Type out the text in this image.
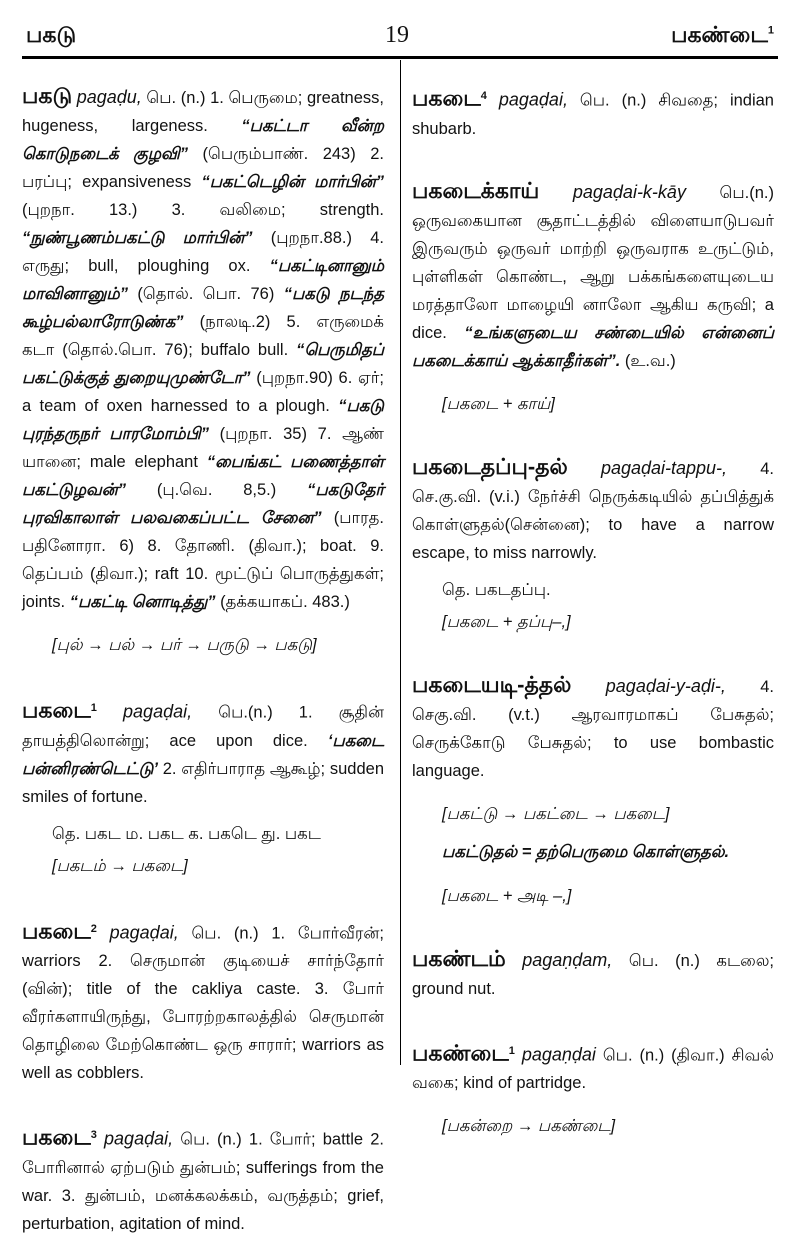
பகடு	19	பகண்டை$^1$
பகடு pagaḍu, பெ. (n.) 1. பெருமை; greatness, hugeness, largeness. “பகட்டா வீன்ற கொடுநடைக் குழவி” (பெரும்பாண். 243) 2. பரப்பு; expansiveness “பகட்டெழின் மார்பின்” (புறநா. 13.) 3. வலிமை; strength. “நுண்பூணம்பகட்டு மார்பின்” (புறநா.88.) 4. எருது; bull, ploughing ox. “பகட்டினானும் மாவினானும்” (தொல். பொ. 76) “பகடு நடந்த கூழ்பல்லாரோடுண்க” (நாலடி.2) 5. எருமைக் கடா (தொல்.பொ. 76); buffalo bull. “பெருமிதப் பகட்டுக்குத் துறையுமுண்டோ” (புறநா.90) 6. ஏர்; a team of oxen harnessed to a plough. “பகடு புரந்தருநர் பாரமோம்பி” (புறநா. 35) 7. ஆண் யானை; male elephant “பைங்கட் பணைத்தாள் பகட்டுழவன்” (பு.வெ. 8,5.) “பகடுதேர் புரவிகாலாள் பலவகைப்பட்ட சேனை” (பாரத. பதினோரா. 6) 8. தோணி. (திவா.); boat. 9. தெப்பம் (திவா.); raft 10. மூட்டுப் பொருத்துகள்; joints. “பகட்டி னொடித்து” (தக்கயாகப். 483.)
[புல் → பல் → பர் → பருடு → பகடு]
பகடை$^1$ pagaḍai, பெ.(n.) 1. சூதின் தாயத்திலொன்று; ace upon dice. ‘பகடை பன்னிரண்டெட்டு’ 2. எதிர்பாராத ஆகூழ்; sudden smiles of fortune.
தெ. பகட ம. பகட க. பகடெ து. பகட
[பகடம் → பகடை]
பகடை$^2$ pagaḍai, பெ. (n.) 1. போர்வீரன்; warriors 2. செருமான் குடியைச் சார்ந்தோர் (வின்); title of the cakliya caste. 3. போர் வீரர்களாயிருந்து, போரற்றகாலத்தில் செருமான் தொழிலை மேற்கொண்ட ஒரு சாரார்; warriors as well as cobblers.
பகடை$^3$ pagaḍai, பெ. (n.) 1. போர்; battle 2. போரினால் ஏற்படும் துன்பம்; sufferings from the war. 3. துன்பம், மனக்கலக்கம், வருத்தம்; grief, perturbation, agitation of mind.
பகடை$^4$ pagaḍai, பெ. (n.) சிவதை; indian shubarb.
பகடைக்காய் pagaḍai-k-kāy பெ.(n.) ஒருவகையான சூதாட்டத்தில் விளையாடுபவர் இருவரும் ஒருவர் மாற்றி ஒருவராக உருட்டும், புள்ளிகள் கொண்ட, ஆறு பக்கங்களையுடைய மரத்தாலோ மாழையி னாலோ ஆகிய கருவி; a dice. “உங்களுடைய சண்டையில் என்னைப் பகடைக்காய் ஆக்காதீர்கள்”. (உ.வ.)
[பகடை + காய்]
பகடைதப்பு-தல் pagaḍai-tappu-, 4. செ.கு.வி. (v.i.) நேர்ச்சி நெருக்கடியில் தப்பித்துக் கொள்ளுதல்(சென்னை); to have a narrow escape, to miss narrowly.
தெ. பகடதப்பு.
[பகடை + தப்பு–,]
பகடையடி-த்தல் pagaḍai-y-aḍi-, 4. செகு.வி. (v.t.) ஆரவாரமாகப் பேசுதல்; செருக்கோடு பேசுதல்; to use bombastic language.
[பகட்டு → பகட்டை → பகடை]
பகட்டுதல் = தற்பெருமை கொள்ளுதல்.
[பகடை + அடி –,]
பகண்டம் pagaṇḍam, பெ. (n.) கடலை; ground nut.
பகண்டை$^1$ pagaṇḍai பெ. (n.) (திவா.) சிவல் வகை; kind of partridge.
[பகன்றை → பகண்டை]
